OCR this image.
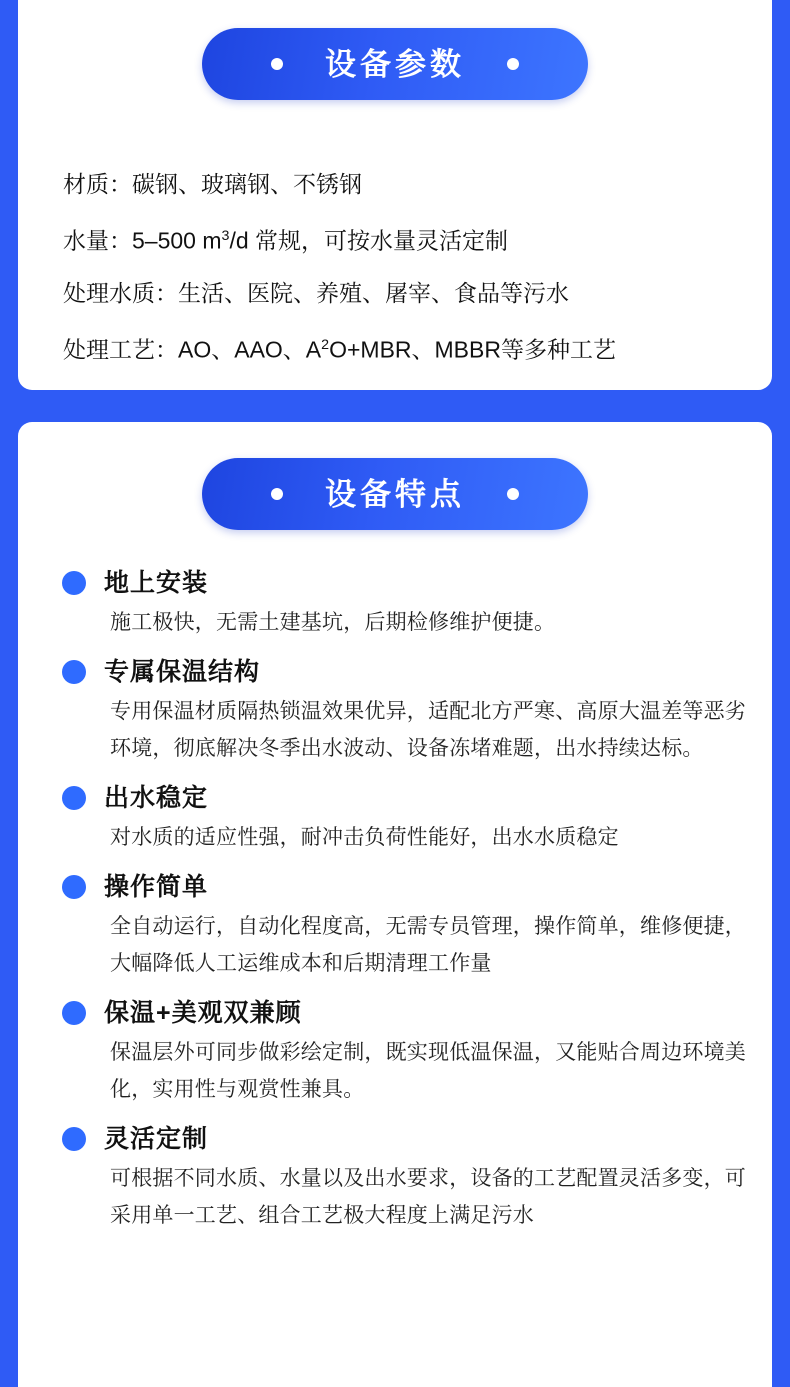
设备参数
材质：碳钢、玻璃钢、不锈钢
水量：5–500 $m^3/d$ 常规，可按水量灵活定制
处理水质：生活、医院、养殖、屠宰、食品等污水
处理工艺：AO、AAO、$A^2O+MBR$、MBBR等多种工艺
设备特点
地上安装
施工极快，无需土建基坑，后期检修维护便捷。
专属保温结构
专用保温材质隔热锁温效果优异，适配北方严寒、高原大温差等恶劣环境，彻底解决冬季出水波动、设备冻堵难题，出水持续达标。
出水稳定
对水质的适应性强，耐冲击负荷性能好，出水水质稳定
操作简单
全自动运行，自动化程度高，无需专员管理，操作简单，维修便捷，大幅降低人工运维成本和后期清理工作量
保温+美观双兼顾
保温层外可同步做彩绘定制，既实现低温保温，又能贴合周边环境美化，实用性与观赏性兼具。
灵活定制
可根据不同水质、水量以及出水要求，设备的工艺配置灵活多变，可采用单一工艺、组合工艺极大程度上满足污水
